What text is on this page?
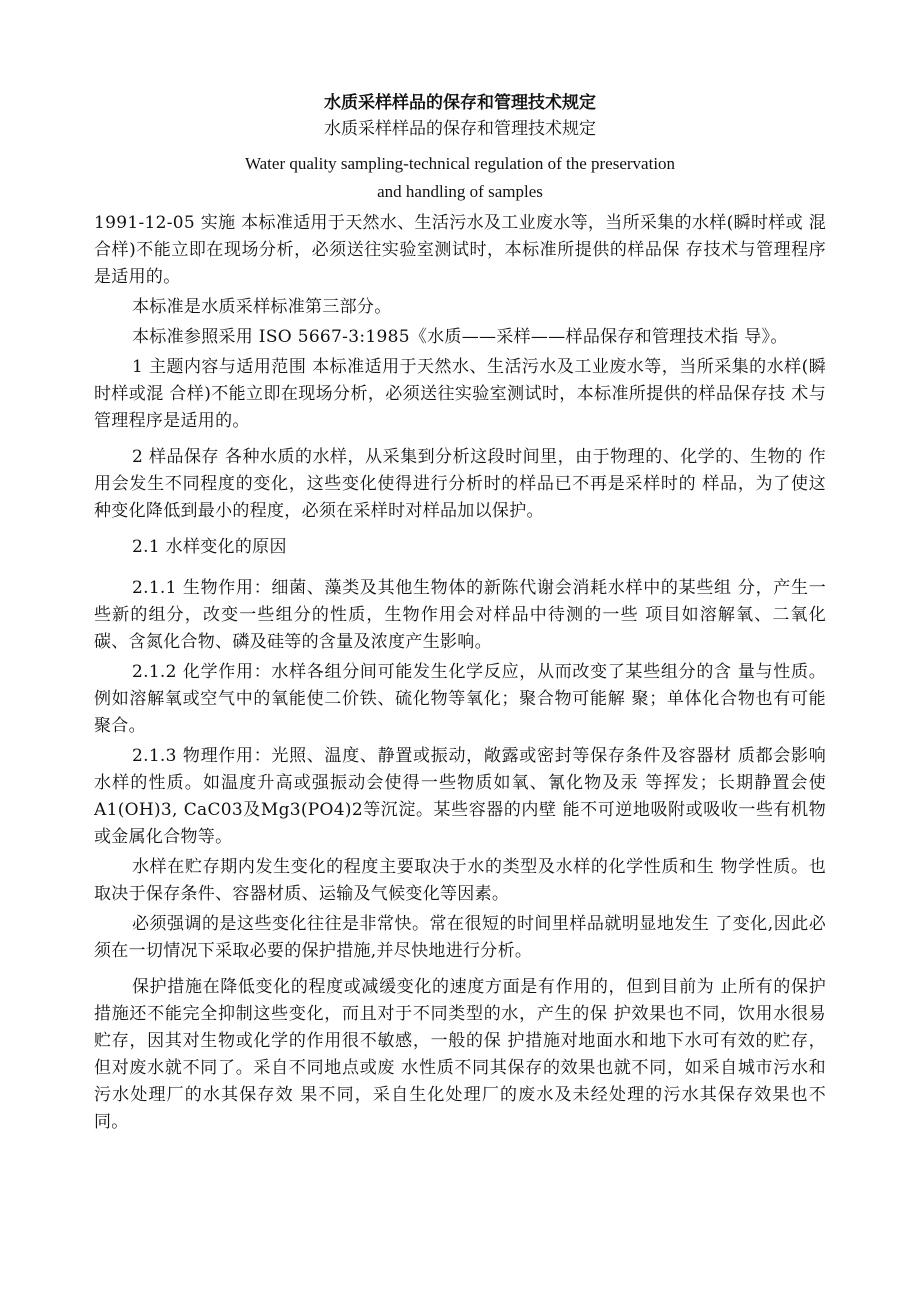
水质采样样品的保存和管理技术规定
水质采样样品的保存和管理技术规定
Water quality sampling-technical regulation of the preservation
and handling of samples

1991-12-05 实施 本标准适用于天然水、生活污水及工业废水等，当所采集的水样(瞬时样或 混合样)不能立即在现场分析，必须送往实验室测试时，本标准所提供的样品保 存技术与管理程序是适用的。

本标准是水质采样标准第三部分。

本标准参照采用 ISO 5667-3:1985《水质——采样——样品保存和管理技术指 导》。

1 主题内容与适用范围 本标准适用于天然水、生活污水及工业废水等，当所采集的水样(瞬时样或混 合样)不能立即在现场分析，必须送往实验室测试时，本标准所提供的样品保存技 术与管理程序是适用的。

2 样品保存 各种水质的水样，从采集到分析这段时间里，由于物理的、化学的、生物的 作用会发生不同程度的变化，这些变化使得进行分析时的样品已不再是采样时的 样品，为了使这种变化降低到最小的程度，必须在采样时对样品加以保护。

2.1 水样变化的原因

2.1.1 生物作用：细菌、藻类及其他生物体的新陈代谢会消耗水样中的某些组 分，产生一些新的组分，改变一些组分的性质，生物作用会对样品中待测的一些 项目如溶解氧、二氧化碳、含氮化合物、磷及硅等的含量及浓度产生影响。

2.1.2 化学作用：水样各组分间可能发生化学反应，从而改变了某些组分的含 量与性质。例如溶解氧或空气中的氧能使二价铁、硫化物等氧化；聚合物可能解 聚；单体化合物也有可能聚合。

2.1.3 物理作用：光照、温度、静置或振动，敞露或密封等保存条件及容器材 质都会影响水样的性质。如温度升高或强振动会使得一些物质如氧、氰化物及汞 等挥发；长期静置会使A1(OH)3, CaC03及Mg3(PO4)2等沉淀。某些容器的内壁 能不可逆地吸附或吸收一些有机物或金属化合物等。

水样在贮存期内发生变化的程度主要取决于水的类型及水样的化学性质和生 物学性质。也取决于保存条件、容器材质、运输及气候变化等因素。

必须强调的是这些变化往往是非常快。常在很短的时间里样品就明显地发生 了变化,因此必须在一切情况下采取必要的保护措施,并尽快地进行分析。

保护措施在降低变化的程度或减缓变化的速度方面是有作用的，但到目前为 止所有的保护措施还不能完全抑制这些变化，而且对于不同类型的水，产生的保 护效果也不同，饮用水很易贮存，因其对生物或化学的作用很不敏感，一般的保 护措施对地面水和地下水可有效的贮存，但对废水就不同了。采自不同地点或废 水性质不同其保存的效果也就不同，如采自城市污水和污水处理厂的水其保存效 果不同，采自生化处理厂的废水及未经处理的污水其保存效果也不同。
